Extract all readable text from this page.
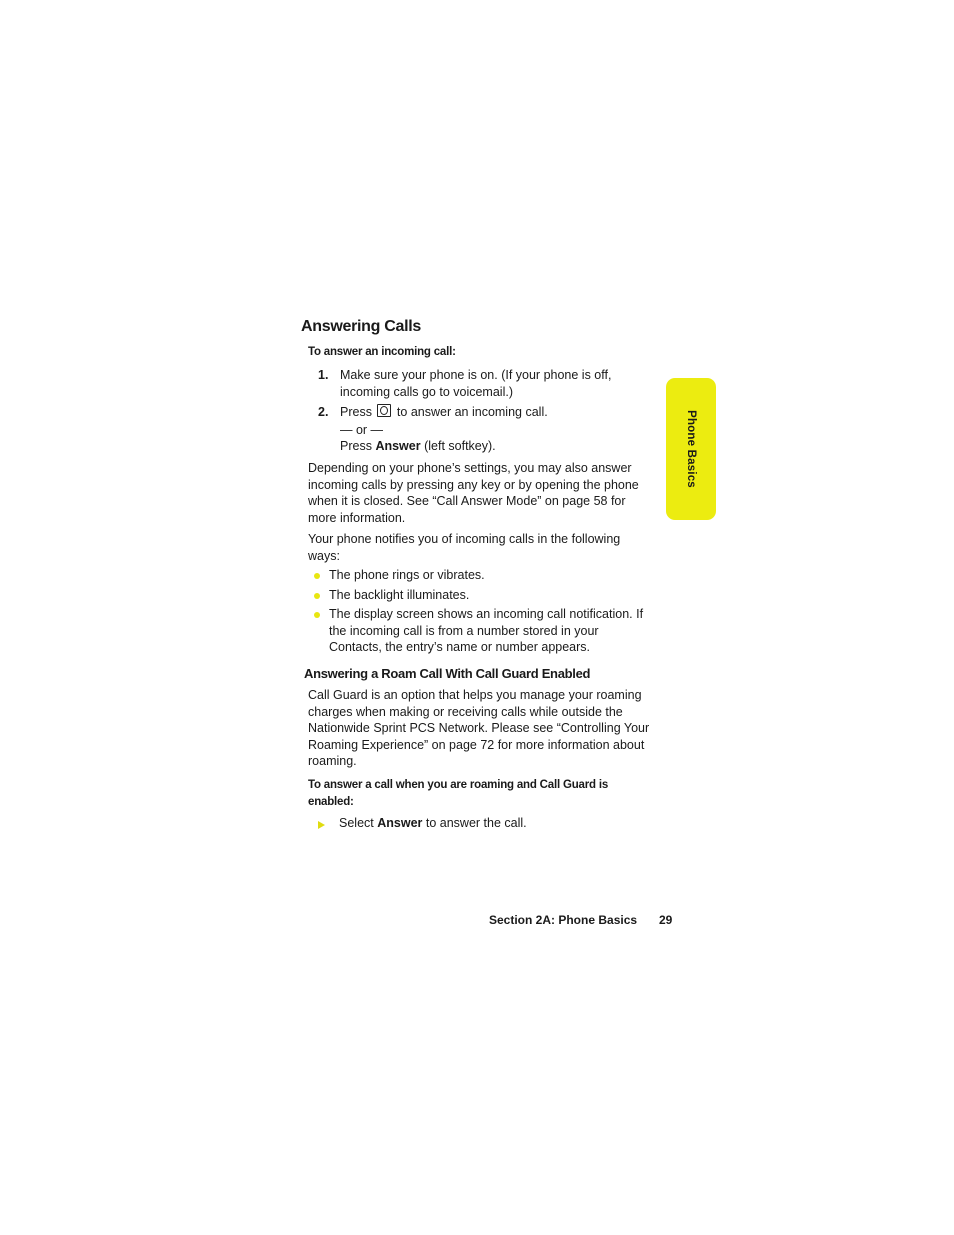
Answering Calls
To answer an incoming call:
1. Make sure your phone is on. (If your phone is off,
incoming calls go to voicemail.)
2. Press to answer an incoming call.
— or —
Press Answer (left softkey).
Depending on your phone’s settings, you may also answer
incoming calls by pressing any key or by opening the phone
when it is closed. See “Call Answer Mode” on page 58 for
more information.
Your phone notifies you of incoming calls in the following
ways:
The phone rings or vibrates.
The backlight illuminates.
The display screen shows an incoming call notification. If
the incoming call is from a number stored in your
Contacts, the entry’s name or number appears.
Answering a Roam Call With Call Guard Enabled
Call Guard is an option that helps you manage your roaming
charges when making or receiving calls while outside the
Nationwide Sprint PCS Network. Please see “Controlling Your
Roaming Experience” on page 72 for more information about
roaming.
To answer a call when you are roaming and Call Guard is
enabled:
Select Answer to answer the call.
Phone Basics
Section 2A: Phone Basics 29
